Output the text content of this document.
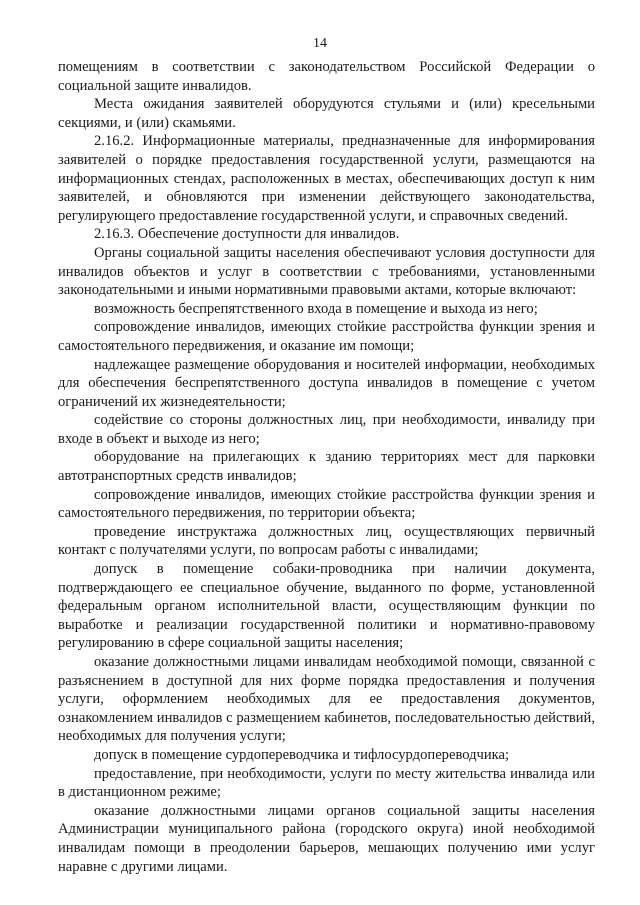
14

помещениям в соответствии с законодательством Российской Федерации о социальной защите инвалидов.

Места ожидания заявителей оборудуются стульями и (или) кресельными секциями, и (или) скамьями.

2.16.2. Информационные материалы, предназначенные для информирования заявителей о порядке предоставления государственной услуги, размещаются на информационных стендах, расположенных в местах, обеспечивающих доступ к ним заявителей, и обновляются при изменении действующего законодательства, регулирующего предоставление государственной услуги, и справочных сведений.

2.16.3. Обеспечение доступности для инвалидов.

Органы социальной защиты населения обеспечивают условия доступности для инвалидов объектов и услуг в соответствии с требованиями, установленными законодательными и иными нормативными правовыми актами, которые включают:

возможность беспрепятственного входа в помещение и выхода из него;

сопровождение инвалидов, имеющих стойкие расстройства функции зрения и самостоятельного передвижения, и оказание им помощи;

надлежащее размещение оборудования и носителей информации, необходимых для обеспечения беспрепятственного доступа инвалидов в помещение с учетом ограничений их жизнедеятельности;

содействие со стороны должностных лиц, при необходимости, инвалиду при входе в объект и выходе из него;

оборудование на прилегающих к зданию территориях мест для парковки автотранспортных средств инвалидов;

сопровождение инвалидов, имеющих стойкие расстройства функции зрения и самостоятельного передвижения, по территории объекта;

проведение инструктажа должностных лиц, осуществляющих первичный контакт с получателями услуги, по вопросам работы с инвалидами;

допуск в помещение собаки-проводника при наличии документа, подтверждающего ее специальное обучение, выданного по форме, установленной федеральным органом исполнительной власти, осуществляющим функции по выработке и реализации государственной политики и нормативно-правовому регулированию в сфере социальной защиты населения;

оказание должностными лицами инвалидам необходимой помощи, связанной с разъяснением в доступной для них форме порядка предоставления и получения услуги, оформлением необходимых для ее предоставления документов, ознакомлением инвалидов с размещением кабинетов, последовательностью действий, необходимых для получения услуги;

допуск в помещение сурдопереводчика и тифлосурдопереводчика;

предоставление, при необходимости, услуги по месту жительства инвалида или в дистанционном режиме;

оказание должностными лицами органов социальной защиты населения Администрации муниципального района (городского округа) иной необходимой инвалидам помощи в преодолении барьеров, мешающих получению ими услуг наравне с другими лицами.
